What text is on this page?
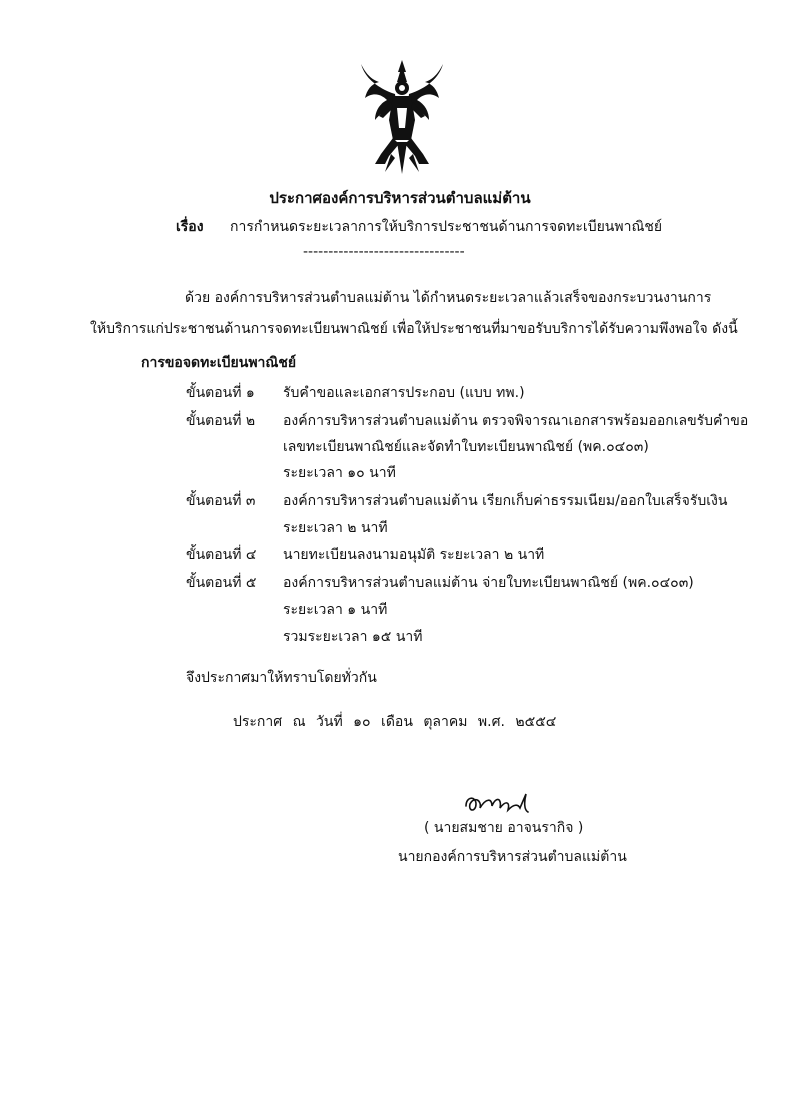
ประกาศองค์การบริหารส่วนตำบลแม่ต้าน
เรื่อง การกำหนดระยะเวลาการให้บริการประชาชนด้านการจดทะเบียนพาณิชย์
--------------------------------
ด้วย องค์การบริหารส่วนตำบลแม่ต้าน ได้กำหนดระยะเวลาแล้วเสร็จของกระบวนงานการ
ให้บริการแก่ประชาชนด้านการจดทะเบียนพาณิชย์ เพื่อให้ประชาชนที่มาขอรับบริการได้รับความพึงพอใจ ดังนี้
การขอจดทะเบียนพาณิชย์
ขั้นตอนที่ ๑ รับคำขอและเอกสารประกอบ (แบบ ทพ.)
ขั้นตอนที่ ๒ องค์การบริหารส่วนตำบลแม่ต้าน ตรวจพิจารณาเอกสารพร้อมออกเลขรับคำขอ
เลขทะเบียนพาณิชย์และจัดทำใบทะเบียนพาณิชย์ (พค.๐๔๐๓)
ระยะเวลา ๑๐ นาที
ขั้นตอนที่ ๓ องค์การบริหารส่วนตำบลแม่ต้าน เรียกเก็บค่าธรรมเนียม/ออกใบเสร็จรับเงิน
ระยะเวลา ๒ นาที
ขั้นตอนที่ ๔ นายทะเบียนลงนามอนุมัติ ระยะเวลา ๒ นาที
ขั้นตอนที่ ๕ องค์การบริหารส่วนตำบลแม่ต้าน จ่ายใบทะเบียนพาณิชย์ (พค.๐๔๐๓)
ระยะเวลา ๑ นาที
รวมระยะเวลา ๑๕ นาที
จึงประกาศมาให้ทราบโดยทั่วกัน
ประกาศ ณ วันที่ ๑๐ เดือน ตุลาคม พ.ศ. ๒๕๕๔
( นายสมชาย อาจนรากิจ )
นายกองค์การบริหารส่วนตำบลแม่ต้าน
